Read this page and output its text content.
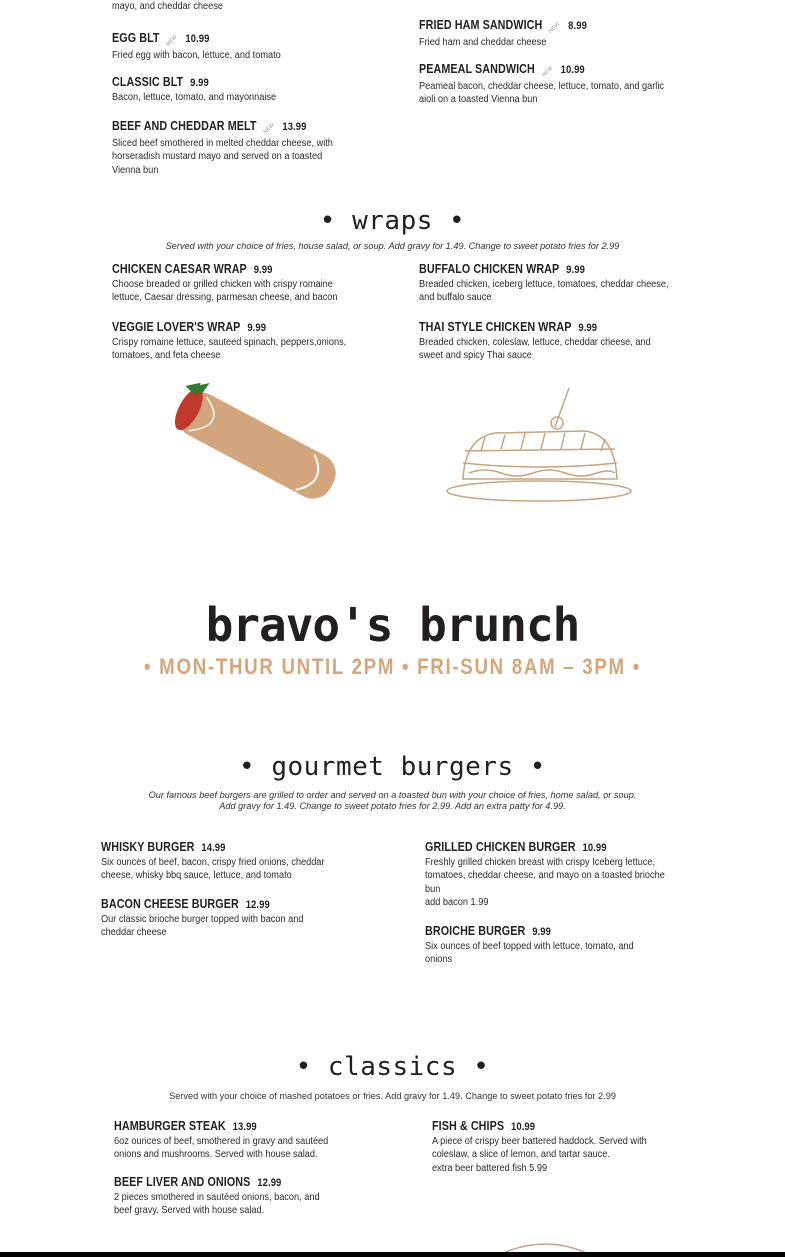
mayo, and cheddar cheese
EGG BLT NEW 10.99
Fried egg with bacon, lettuce, and tomato
CLASSIC BLT 9.99
Bacon, lettuce, tomato, and mayonnaise
BEEF AND CHEDDAR MELT NEW 13.99
Sliced beef smothered in melted cheddar cheese, with horseradish mustard mayo and served on a toasted Vienna bun
FRIED HAM SANDWICH NEW 8.99
Fried ham and cheddar cheese
PEAMEAL SANDWICH NEW 10.99
Peameal bacon, cheddar cheese, lettuce, tomato, and garlic aioli on a toasted Vienna bun
• wraps •
Served with your choice of fries, house salad, or soup. Add gravy for 1.49. Change to sweet potato fries for 2.99
CHICKEN CAESAR WRAP 9.99
Choose breaded or grilled chicken with crispy romaine lettuce, Caesar dressing, parmesan cheese, and bacon
BUFFALO CHICKEN WRAP 9.99
Breaded chicken, iceberg lettuce, tomatoes, cheddar cheese, and buffalo sauce
VEGGIE LOVER'S WRAP 9.99
Crispy romaine lettuce, sauteed spinach, peppers,onions, tomatoes, and feta cheese
THAI STYLE CHICKEN WRAP 9.99
Breaded chicken, coleslaw, lettuce, cheddar cheese, and sweet and spicy Thai sauce
bravo's brunch
• MON-THUR UNTIL 2PM • FRI-SUN 8AM – 3PM •
• gourmet burgers •
Our famous beef burgers are grilled to order and served on a toasted bun with your choice of fries, home salad, or soup.
Add gravy for 1.49. Change to sweet potato fries for 2.99. Add an extra patty for 4.99.
WHISKY BURGER 14.99
Six ounces of beef, bacon, crispy fried onions, cheddar cheese, whisky bbq sauce, lettuce, and tomato
GRILLED CHICKEN BURGER 10.99
Freshly grilled chicken breast with crispy Iceberg lettuce, tomatoes, cheddar cheese, and mayo on a toasted brioche bun
add bacon 1.99
BACON CHEESE BURGER 12.99
Our classic brioche burger topped with bacon and cheddar cheese	BROICHE BURGER 9.99
Six ounces of beef topped with lettuce, tomato, and onions
• classics •
Served with your choice of mashed potatoes or fries. Add gravy for 1.49. Change to sweet potato fries for 2.99
HAMBURGER STEAK 13.99
6oz ounces of beef, smothered in gravy and sautéed onions and mushrooms. Served with house salad.
FISH & CHIPS 10.99
A piece of crispy beer battered haddock. Served with coleslaw, a slice of lemon, and tartar sauce.
extra beer battered fish 5.99
BEEF LIVER AND ONIONS 12.99
2 pieces smothered in sautéed onions, bacon, and beef gravy. Served with house salad.
